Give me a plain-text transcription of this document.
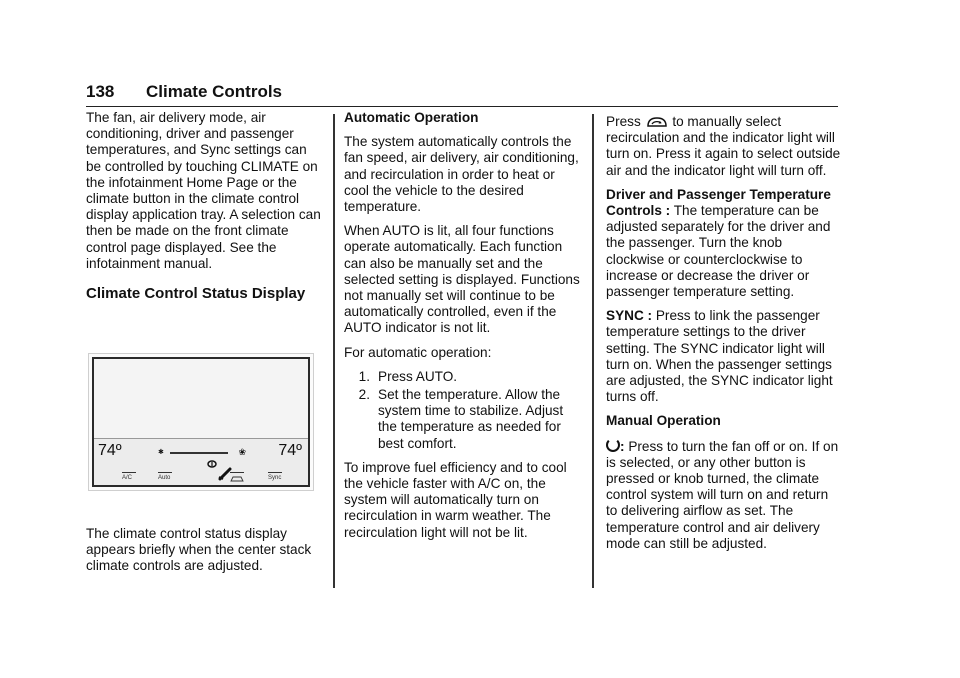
138 Climate Controls

The fan, air delivery mode, air conditioning, driver and passenger temperatures, and Sync settings can be controlled by touching CLIMATE on the infotainment Home Page or the climate button in the climate control display application tray. A selection can then be made on the front climate control page displayed. See the infotainment manual.

Climate Control Status Display
74º	74º
✱	❀
A/C	Auto	Sync

The climate control status display appears briefly when the center stack climate controls are adjusted.

Automatic Operation

The system automatically controls the fan speed, air delivery, air conditioning, and recirculation in order to heat or cool the vehicle to the desired temperature.

When AUTO is lit, all four functions operate automatically. Each function can also be manually set and the selected setting is displayed. Functions not manually set will continue to be automatically controlled, even if the AUTO indicator is not lit.

For automatic operation:

1. Press AUTO.
2. Set the temperature. Allow the system time to stabilize. Adjust the temperature as needed for best comfort.

To improve fuel efficiency and to cool the vehicle faster with A/C on, the system will automatically turn on recirculation in warm weather. The recirculation light will not be lit.

Press to manually select recirculation and the indicator light will turn on. Press it again to select outside air and the indicator light will turn off.

Driver and Passenger Temperature Controls : The temperature can be adjusted separately for the driver and the passenger. Turn the knob clockwise or counterclockwise to increase or decrease the driver or passenger temperature setting.

SYNC : Press to link the passenger temperature settings to the driver setting. The SYNC indicator light will turn on. When the passenger settings are adjusted, the SYNC indicator light turns off.

Manual Operation

: Press to turn the fan off or on. If on is selected, or any other button is pressed or knob turned, the climate control system will turn on and return to delivering airflow as set. The temperature control and air delivery mode can still be adjusted.
